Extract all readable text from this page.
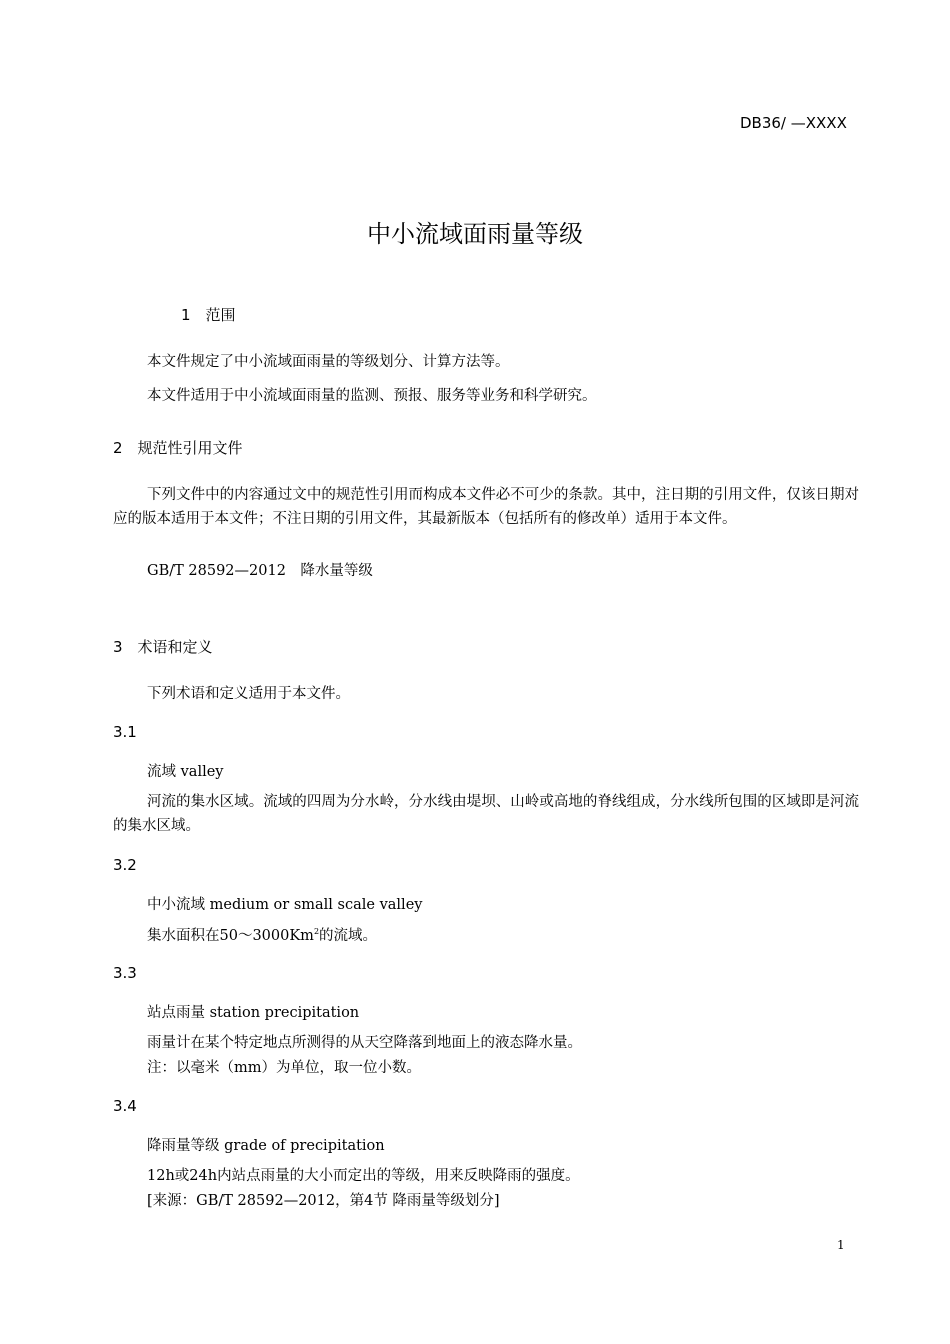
DB36/ —XXXX
中小流域面雨量等级
1　范围
本文件规定了中小流域面雨量的等级划分、计算方法等。
本文件适用于中小流域面雨量的监测、预报、服务等业务和科学研究。
2　规范性引用文件
下列文件中的内容通过文中的规范性引用而构成本文件必不可少的条款。其中，注日期的引用文件，仅该日期对应的版本适用于本文件；不注日期的引用文件，其最新版本（包括所有的修改单）适用于本文件。
GB/T 28592—2012　降水量等级
3　术语和定义
下列术语和定义适用于本文件。
3.1
流域 valley
河流的集水区域。流域的四周为分水岭，分水线由堤坝、山岭或高地的脊线组成，分水线所包围的区域即是河流的集水区域。
3.2
中小流域 medium or small scale valley
集水面积在50～3000Km$^2$的流域。
3.3
站点雨量 station precipitation
雨量计在某个特定地点所测得的从天空降落到地面上的液态降水量。
注：以毫米（mm）为单位，取一位小数。
3.4
降雨量等级 grade of precipitation
12h或24h内站点雨量的大小而定出的等级，用来反映降雨的强度。
[来源：GB/T 28592—2012，第4节 降雨量等级划分]
1
